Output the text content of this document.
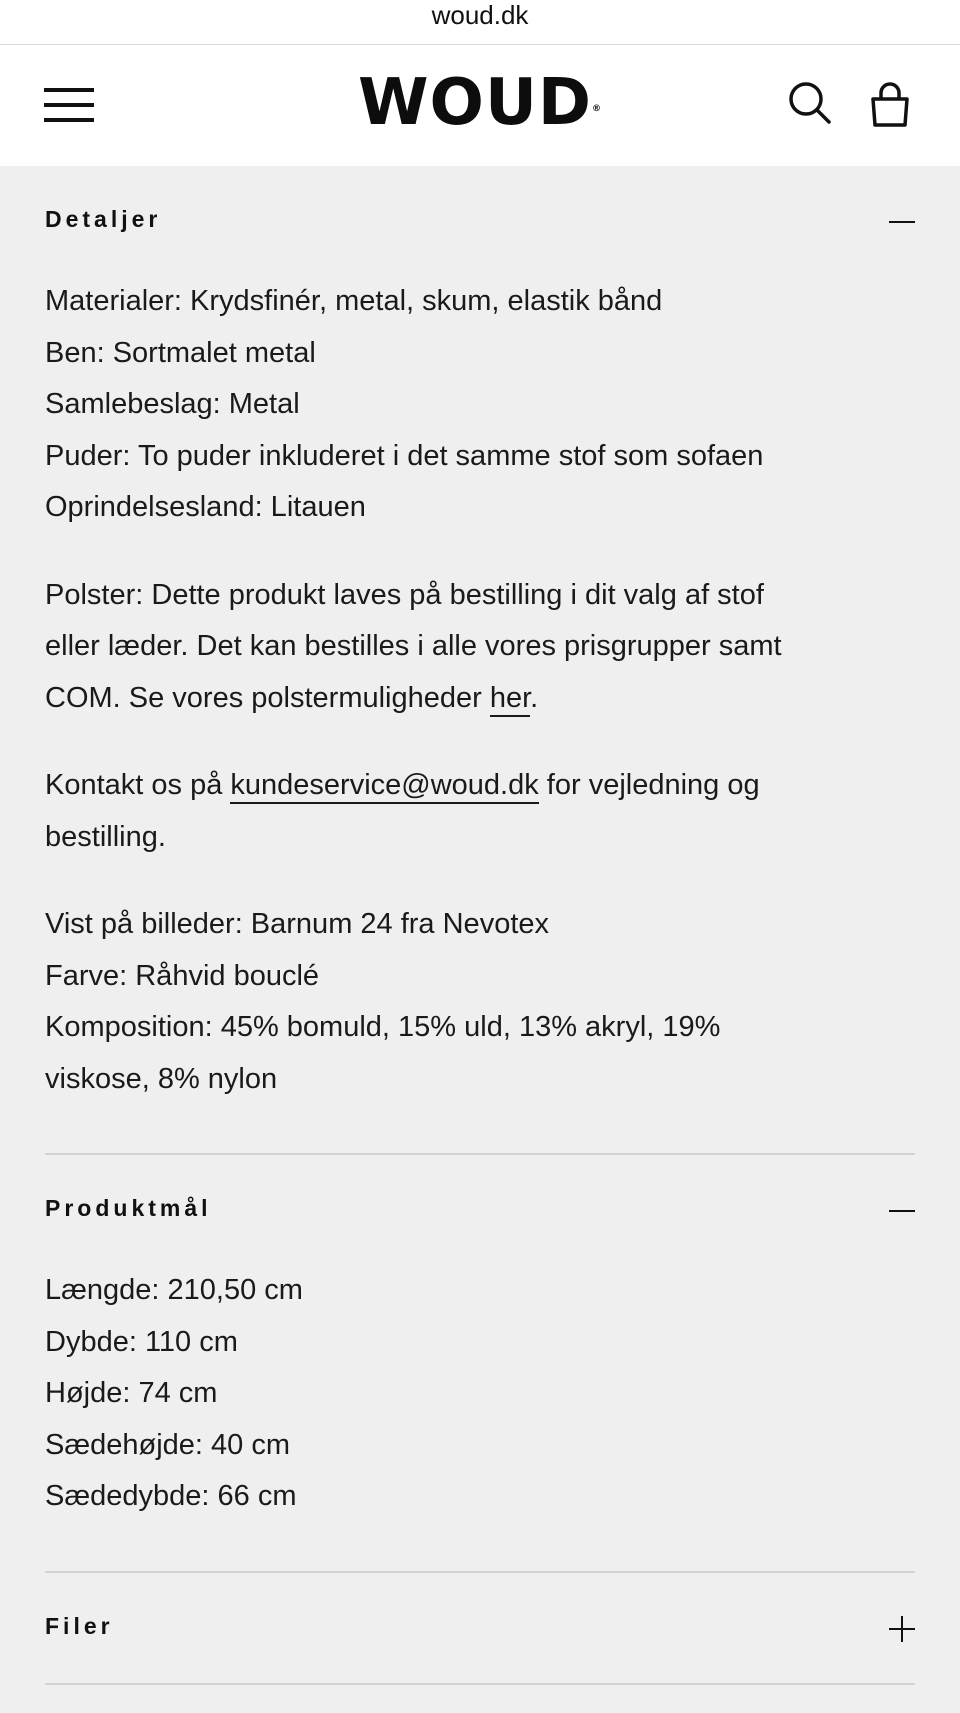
woud.dk
WOUD®
Detaljer
Materialer: Krydsfinér, metal, skum, elastik bånd
Ben: Sortmalet metal
Samlebeslag: Metal
Puder: To puder inkluderet i det samme stof som sofaen
Oprindelsesland: Litauen
Polster: Dette produkt laves på bestilling i dit valg af stof
eller læder. Det kan bestilles i alle vores prisgrupper samt
COM. Se vores polstermuligheder her.
Kontakt os på kundeservice@woud.dk for vejledning og
bestilling.
Vist på billeder: Barnum 24 fra Nevotex
Farve: Råhvid bouclé
Komposition: 45% bomuld, 15% uld, 13% akryl, 19%
viskose, 8% nylon
Produktmål
Længde: 210,50 cm
Dybde: 110 cm
Højde: 74 cm
Sædehøjde: 40 cm
Sædedybde: 66 cm
Filer
